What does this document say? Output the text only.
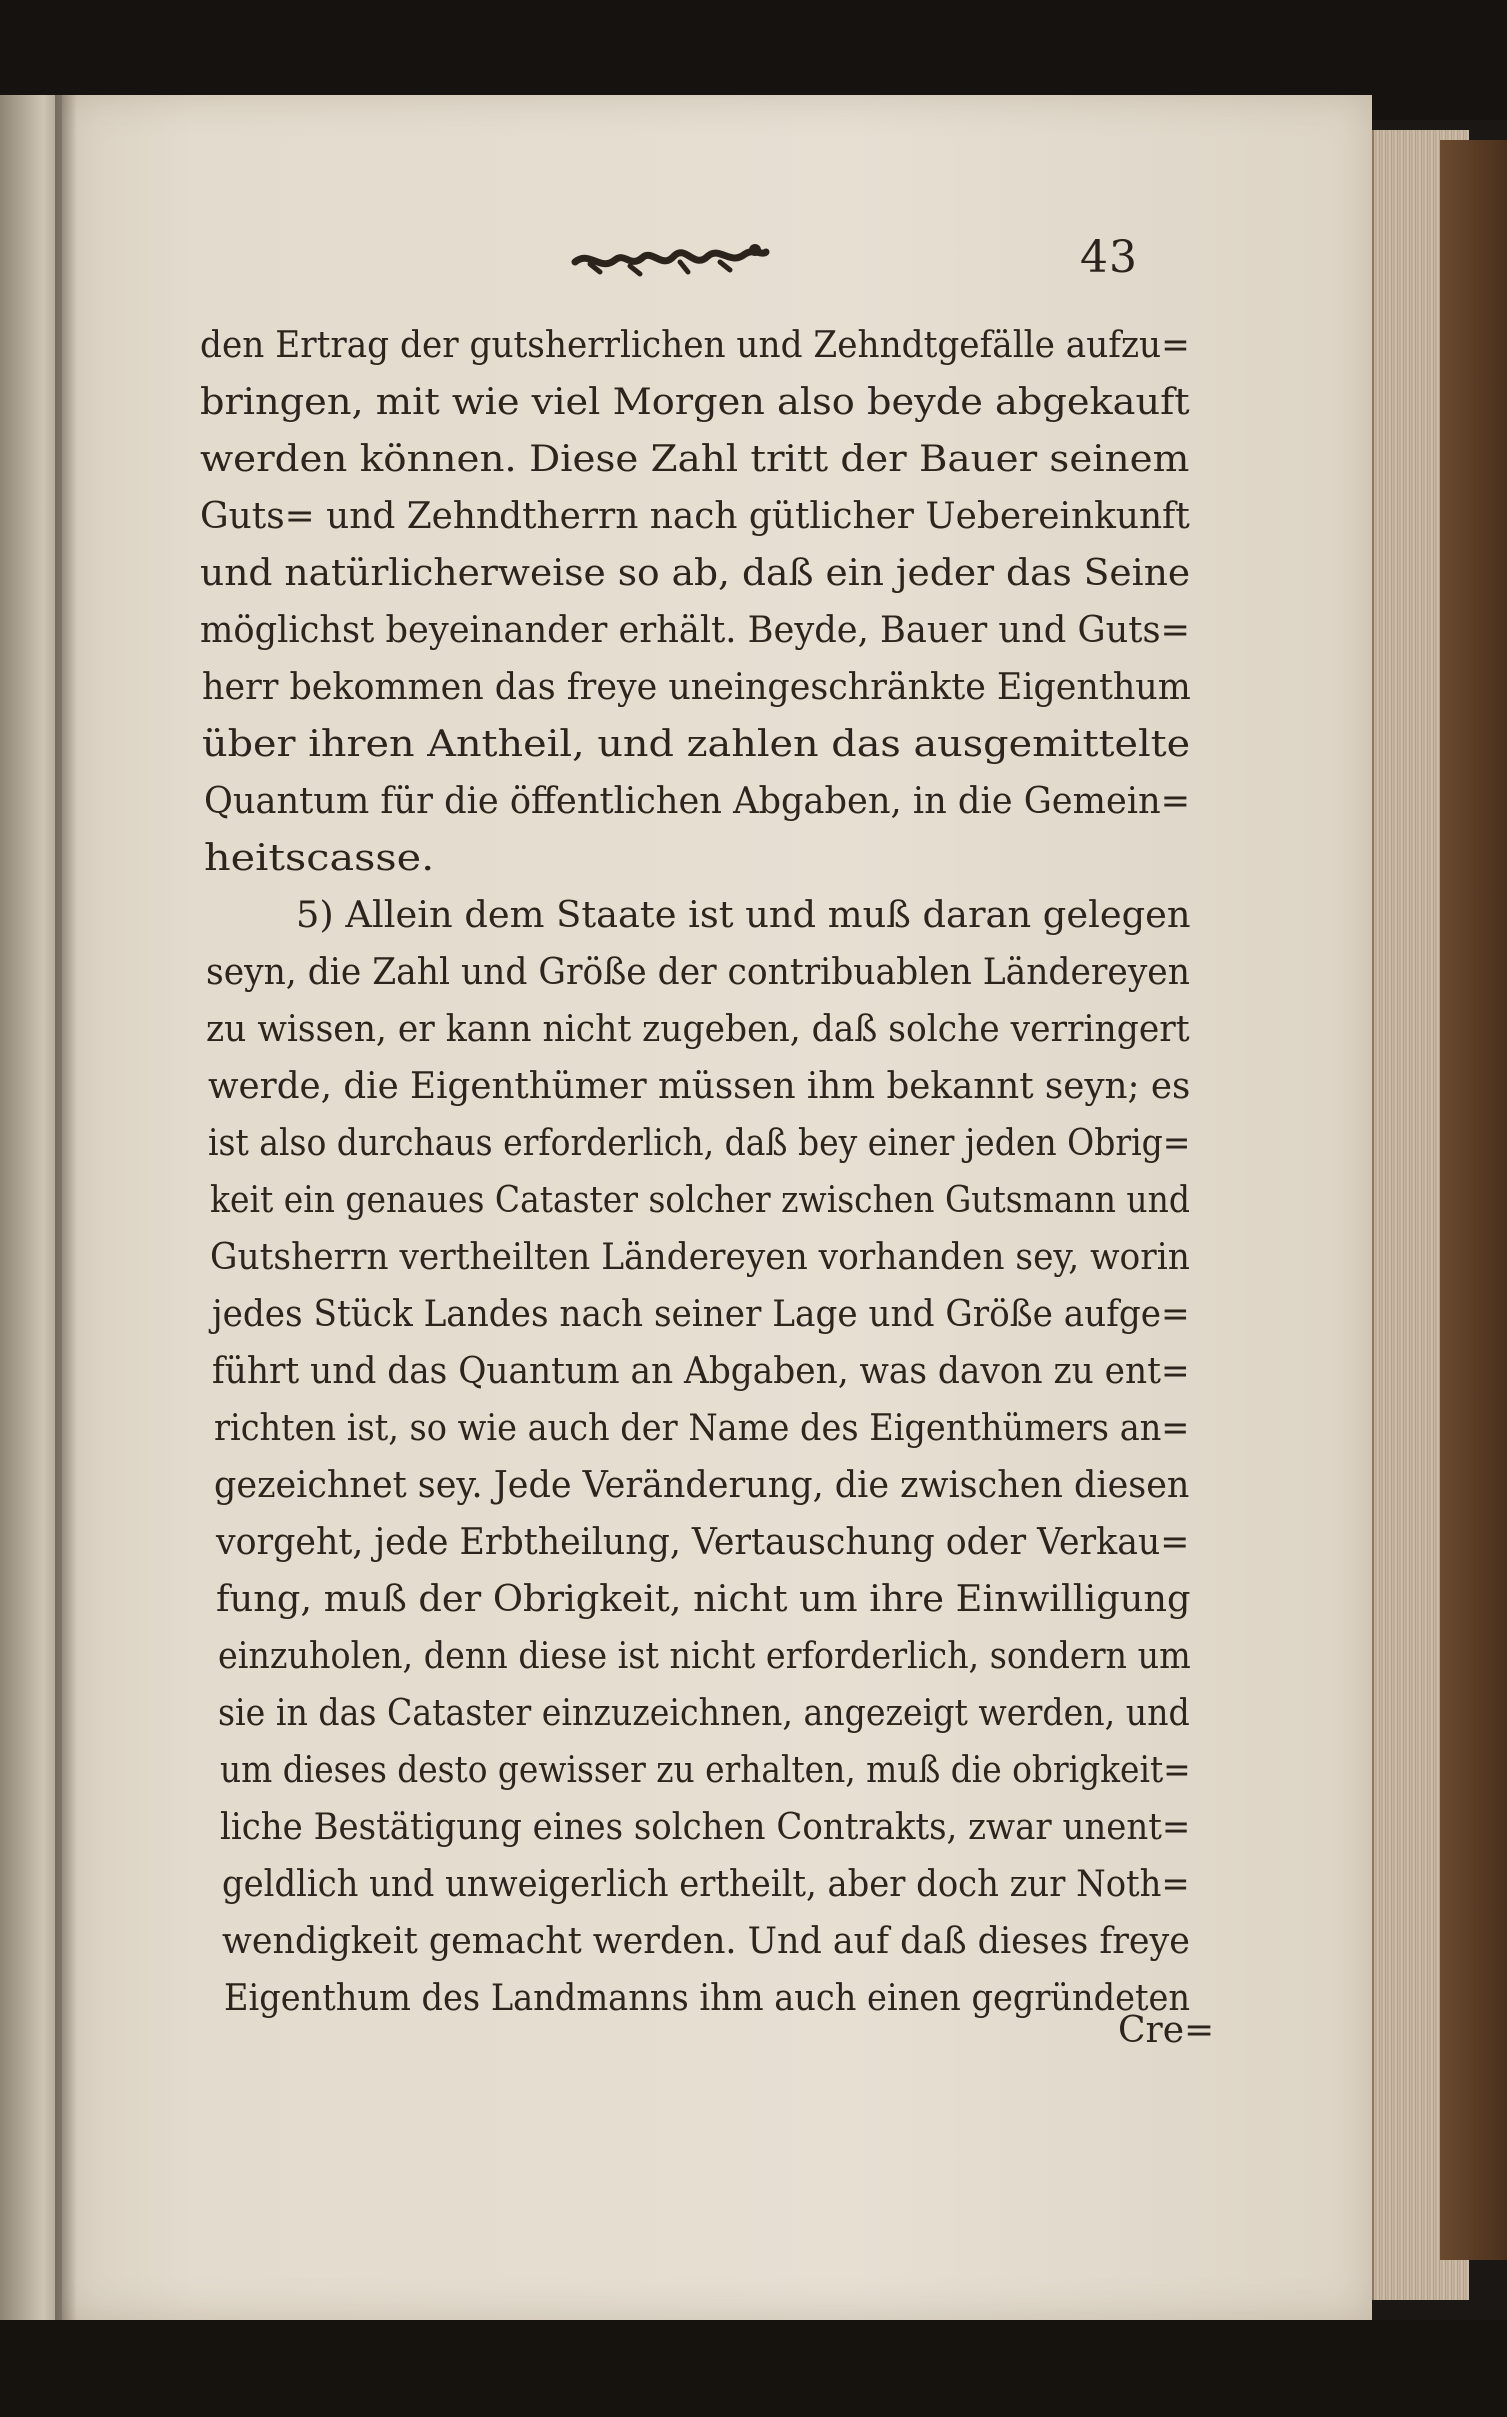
43
den Ertrag der gutsherrlichen und Zehndtgefälle aufzu=
bringen, mit wie viel Morgen also beyde abgekauft
werden können. Diese Zahl tritt der Bauer seinem
Guts= und Zehndtherrn nach gütlicher Uebereinkunft
und natürlicherweise so ab, daß ein jeder das Seine
möglichst beyeinander erhält. Beyde, Bauer und Guts=
herr bekommen das freye uneingeschränkte Eigenthum
über ihren Antheil, und zahlen das ausgemittelte
Quantum für die öffentlichen Abgaben, in die Gemein=
heitscasse.
5) Allein dem Staate ist und muß daran gelegen
seyn, die Zahl und Größe der contribuablen Ländereyen
zu wissen, er kann nicht zugeben, daß solche verringert
werde, die Eigenthümer müssen ihm bekannt seyn; es
ist also durchaus erforderlich, daß bey einer jeden Obrig=
keit ein genaues Cataster solcher zwischen Gutsmann und
Gutsherrn vertheilten Ländereyen vorhanden sey, worin
jedes Stück Landes nach seiner Lage und Größe aufge=
führt und das Quantum an Abgaben, was davon zu ent=
richten ist, so wie auch der Name des Eigenthümers an=
gezeichnet sey. Jede Veränderung, die zwischen diesen
vorgeht, jede Erbtheilung, Vertauschung oder Verkau=
fung, muß der Obrigkeit, nicht um ihre Einwilligung
einzuholen, denn diese ist nicht erforderlich, sondern um
sie in das Cataster einzuzeichnen, angezeigt werden, und
um dieses desto gewisser zu erhalten, muß die obrigkeit=
liche Bestätigung eines solchen Contrakts, zwar unent=
geldlich und unweigerlich ertheilt, aber doch zur Noth=
wendigkeit gemacht werden. Und auf daß dieses freye
Eigenthum des Landmanns ihm auch einen gegründeten
Cre=
